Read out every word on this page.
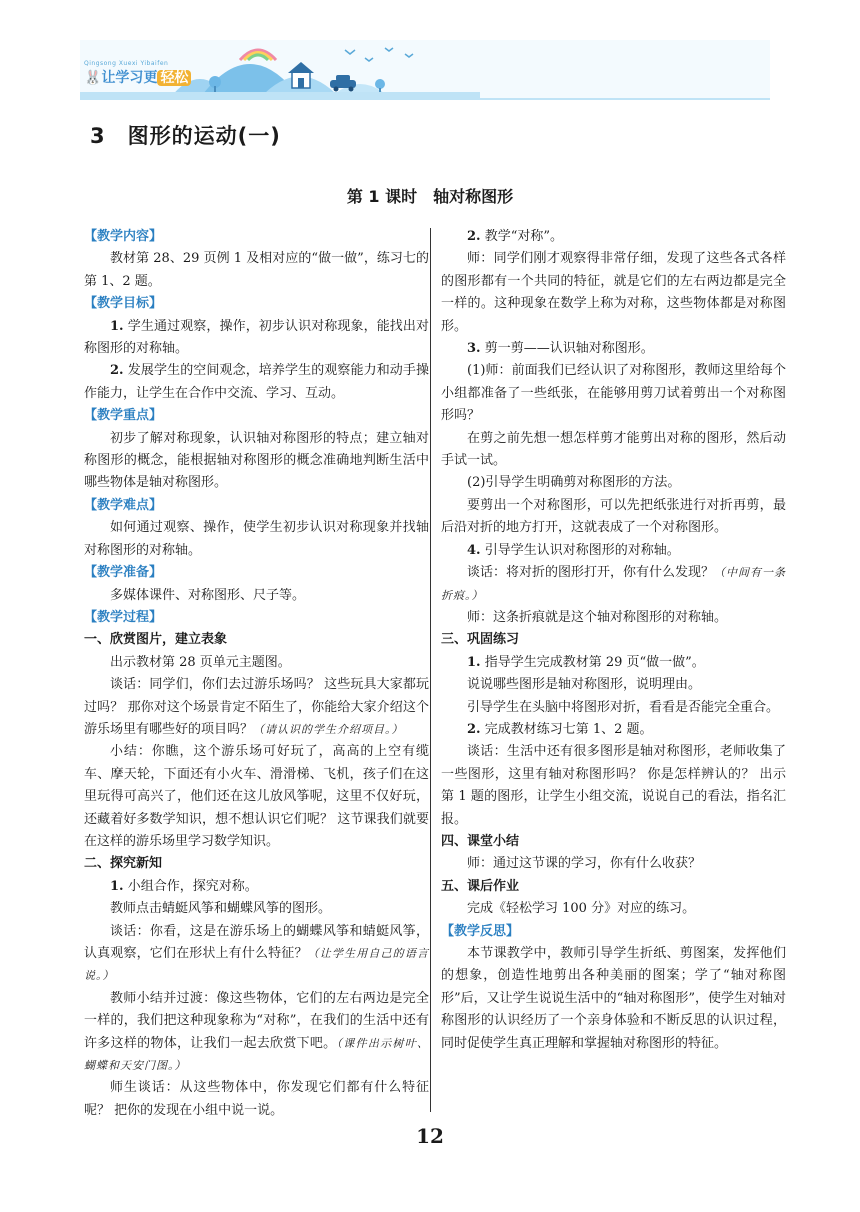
Qingsong Xuexi Yibaifen
🐰让学习更 轻松
3　图形的运动(一)
第 1 课时　轴对称图形

【教学内容】

教材第 28、29 页例 1 及相对应的“做一做”，练习七的第 1、2 题。

【教学目标】

1. 学生通过观察，操作，初步认识对称现象，能找出对称图形的对称轴。

2. 发展学生的空间观念，培养学生的观察能力和动手操作能力，让学生在合作中交流、学习、互动。

【教学重点】

初步了解对称现象，认识轴对称图形的特点；建立轴对称图形的概念，能根据轴对称图形的概念准确地判断生活中哪些物体是轴对称图形。

【教学难点】

如何通过观察、操作，使学生初步认识对称现象并找轴对称图形的对称轴。

【教学准备】

多媒体课件、对称图形、尺子等。

【教学过程】

一、欣赏图片，建立表象

出示教材第 28 页单元主题图。

谈话：同学们，你们去过游乐场吗？ 这些玩具大家都玩过吗？ 那你对这个场景肯定不陌生了，你能给大家介绍这个游乐场里有哪些好的项目吗？（请认识的学生介绍项目。）

小结：你瞧，这个游乐场可好玩了，高高的上空有缆车、摩天轮，下面还有小火车、滑滑梯、飞机，孩子们在这里玩得可高兴了，他们还在这儿放风筝呢，这里不仅好玩，还藏着好多数学知识，想不想认识它们呢？ 这节课我们就要在这样的游乐场里学习数学知识。

二、探究新知

1. 小组合作，探究对称。

教师点击蜻蜓风筝和蝴蝶风筝的图形。

谈话：你看，这是在游乐场上的蝴蝶风筝和蜻蜓风筝，认真观察，它们在形状上有什么特征？（让学生用自己的语言说。）

教师小结并过渡：像这些物体，它们的左右两边是完全一样的，我们把这种现象称为“对称”，在我们的生活中还有许多这样的物体，让我们一起去欣赏下吧。（课件出示树叶、蝴蝶和天安门图。）

师生谈话：从这些物体中，你发现它们都有什么特征呢？ 把你的发现在小组中说一说。

2. 教学“对称”。

师：同学们刚才观察得非常仔细，发现了这些各式各样的图形都有一个共同的特征，就是它们的左右两边都是完全一样的。这种现象在数学上称为对称，这些物体都是对称图形。

3. 剪一剪——认识轴对称图形。

(1)师：前面我们已经认识了对称图形，教师这里给每个小组都准备了一些纸张，在能够用剪刀试着剪出一个对称图形吗？

在剪之前先想一想怎样剪才能剪出对称的图形，然后动手试一试。

(2)引导学生明确剪对称图形的方法。

要剪出一个对称图形，可以先把纸张进行对折再剪，最后沿对折的地方打开，这就表成了一个对称图形。

4. 引导学生认识对称图形的对称轴。

谈话：将对折的图形打开，你有什么发现？（中间有一条折痕。）

师：这条折痕就是这个轴对称图形的对称轴。

三、巩固练习

1. 指导学生完成教材第 29 页“做一做”。

说说哪些图形是轴对称图形，说明理由。

引导学生在头脑中将图形对折，看看是否能完全重合。

2. 完成教材练习七第 1、2 题。

谈话：生活中还有很多图形是轴对称图形，老师收集了一些图形，这里有轴对称图形吗？ 你是怎样辨认的？ 出示第 1 题的图形，让学生小组交流，说说自己的看法，指名汇报。

四、课堂小结

师：通过这节课的学习，你有什么收获？

五、课后作业

完成《轻松学习 100 分》对应的练习。

【教学反思】

本节课教学中，教师引导学生折纸、剪图案，发挥他们的想象，创造性地剪出各种美丽的图案；学了“轴对称图形”后，又让学生说说生活中的“轴对称图形”，使学生对轴对称图形的认识经历了一个亲身体验和不断反思的认识过程，同时促使学生真正理解和掌握轴对称图形的特征。

12
